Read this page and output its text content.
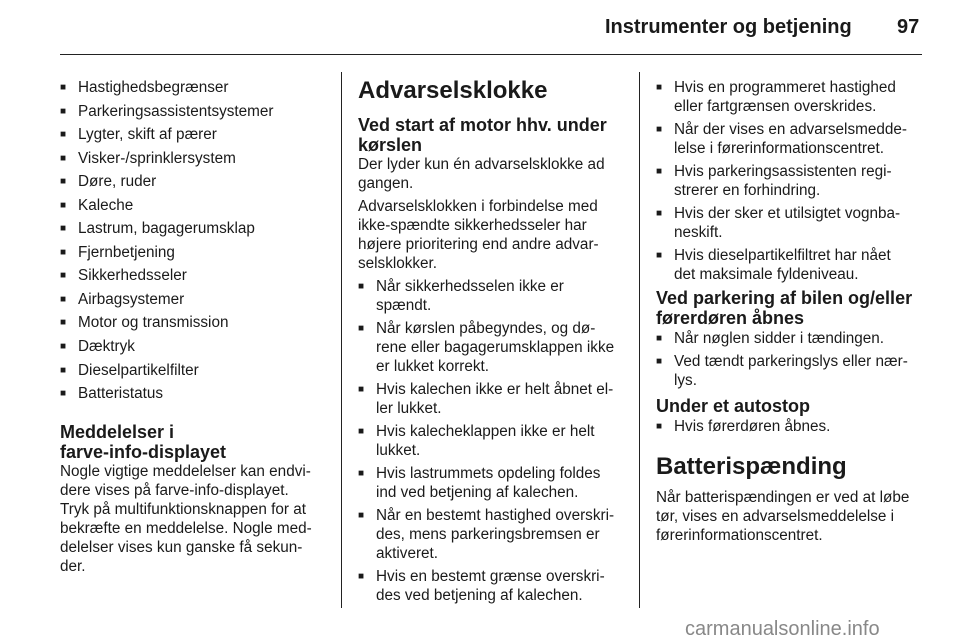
Instrumenter og betjening 97
■ Hastighedsbegrænser
■ Parkeringsassistentsystemer
■ Lygter, skift af pærer
■ Visker-/sprinklersystem
■ Døre, ruder
■ Kaleche
■ Lastrum, bagagerumsklap
■ Fjernbetjening
■ Sikkerhedsseler
■ Airbagsystemer
■ Motor og transmission
■ Dæktryk
■ Dieselpartikelfilter
■ Batteristatus
Meddelelser i
farve-info-displayet

Nogle vigtige meddelelser kan endvi-
dere vises på farve-info-displayet.
Tryk på multifunktionsknappen for at
bekræfte en meddelelse. Nogle med-
delelser vises kun ganske få sekun-
der.

Advarselsklokke
Ved start af motor hhv. under
kørslen

Der lyder kun én advarselsklokke ad
gangen.

Advarselsklokken i forbindelse med
ikke-spændte sikkerhedsseler har
højere prioritering end andre advar-
selsklokker.

■ Når sikkerhedsselen ikke er
spændt.
■ Når kørslen påbegyndes, og dø-
rene eller bagagerumsklappen ikke
er lukket korrekt.
■ Hvis kalechen ikke er helt åbnet el-
ler lukket.
■ Hvis kalecheklappen ikke er helt
lukket.
■ Hvis lastrummets opdeling foldes
ind ved betjening af kalechen.
■ Når en bestemt hastighed overskri-
des, mens parkeringsbremsen er
aktiveret.
■ Hvis en bestemt grænse overskri-
des ved betjening af kalechen.
■ Hvis en programmeret hastighed
eller fartgrænsen overskrides.
■ Når der vises en advarselsmedde-
lelse i førerinformationscentret.
■ Hvis parkeringsassistenten regi-
strerer en forhindring.
■ Hvis der sker et utilsigtet vognba-
neskift.
■ Hvis dieselpartikelfiltret har nået
det maksimale fyldeniveau.
Ved parkering af bilen og/eller
førerdøren åbnes
■ Når nøglen sidder i tændingen.
■ Ved tændt parkeringslys eller nær-
lys.
Under et autostop
■ Hvis førerdøren åbnes.
Batterispænding

Når batterispændingen er ved at løbe
tør, vises en advarselsmeddelelse i
førerinformationscentret.

carmanualsonline.info
